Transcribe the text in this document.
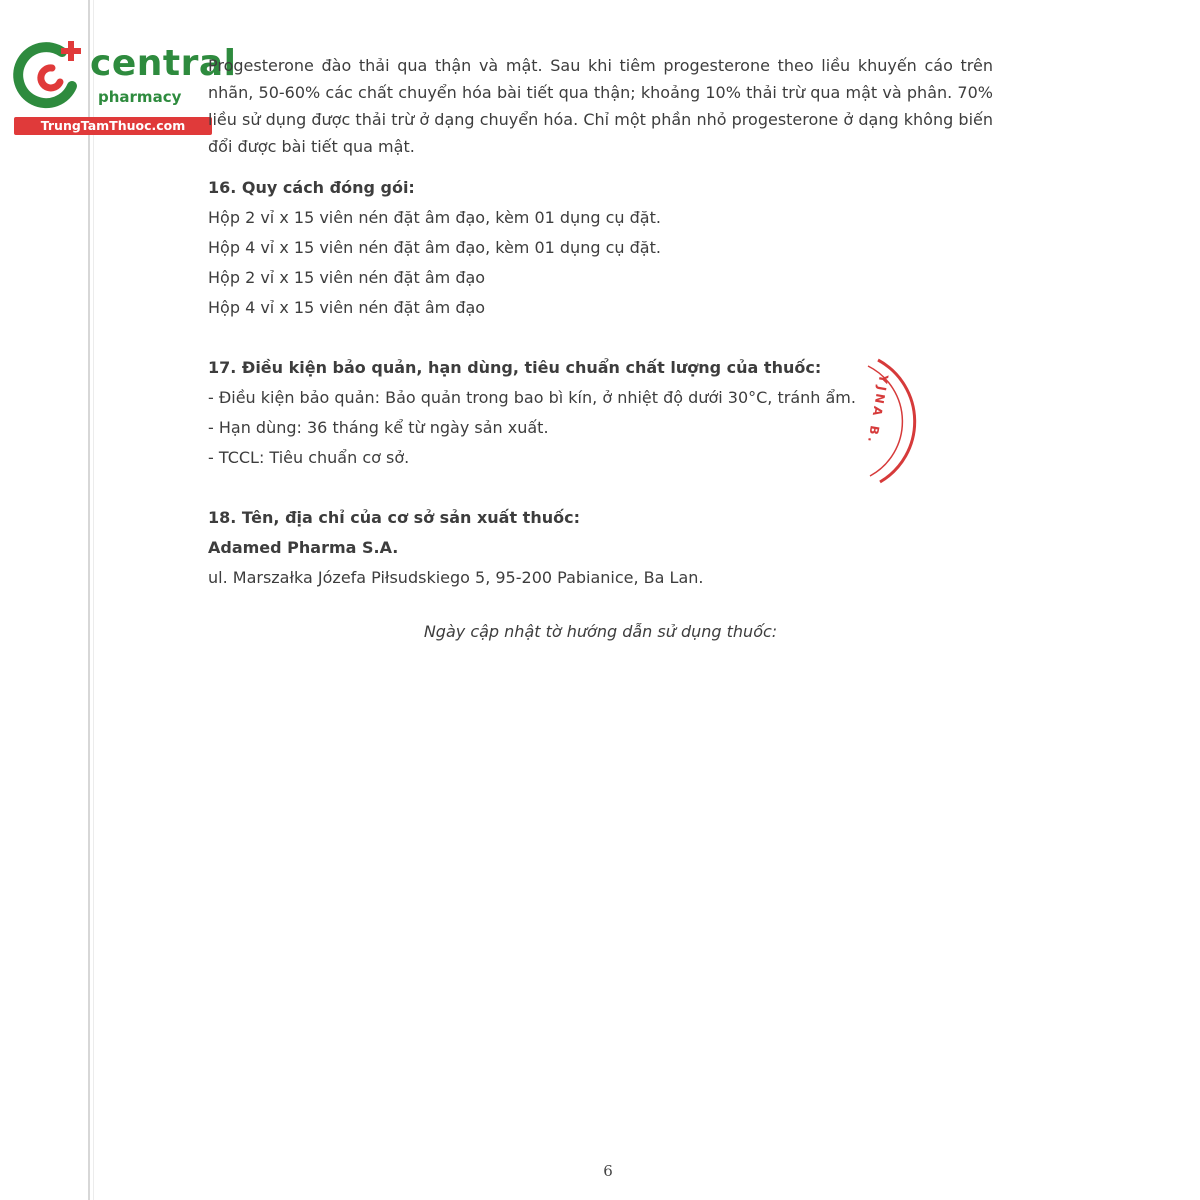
central
pharmacy
TrungTamThuoc.com

Progesterone đào thải qua thận và mật. Sau khi tiêm progesterone theo liều khuyến cáo trên nhãn, 50-60% các chất chuyển hóa bài tiết qua thận; khoảng 10% thải trừ qua mật và phân. 70% liều sử dụng được thải trừ ở dạng chuyển hóa. Chỉ một phần nhỏ progesterone ở dạng không biến đổi được bài tiết qua mật.

16. Quy cách đóng gói:

Hộp 2 vỉ x 15 viên nén đặt âm đạo, kèm 01 dụng cụ đặt.

Hộp 4 vỉ x 15 viên nén đặt âm đạo, kèm 01 dụng cụ đặt.

Hộp 2 vỉ x 15 viên nén đặt âm đạo

Hộp 4 vỉ x 15 viên nén đặt âm đạo

17. Điều kiện bảo quản, hạn dùng, tiêu chuẩn chất lượng của thuốc:

- Điều kiện bảo quản: Bảo quản trong bao bì kín, ở nhiệt độ dưới 30°C, tránh ẩm.

- Hạn dùng: 36 tháng kể từ ngày sản xuất.

- TCCL: Tiêu chuẩn cơ sở.

18. Tên, địa chỉ của cơ sở sản xuất thuốc:

Adamed Pharma S.A.

ul. Marszałka Józefa Piłsudskiego 5, 95-200 Pabianice, Ba Lan.

Ngày cập nhật tờ hướng dẫn sử dụng thuốc:
6
YJNA B.
